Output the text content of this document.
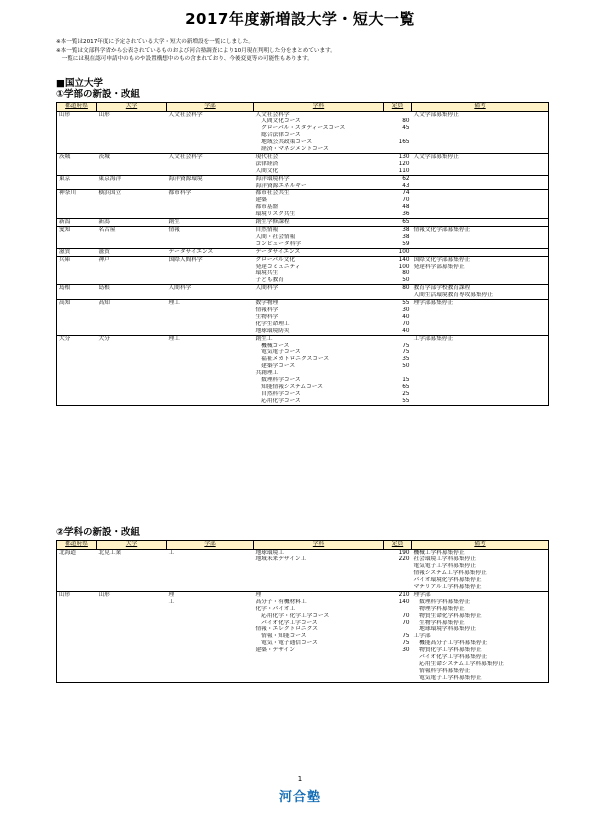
2017年度新増設大学・短大一覧
※本一覧は2017年度に予定されている大学・短大の新増設を一覧にしました。
※本一覧は文部科学省から公表されているものおよび河合塾調査により10月現在判明した分をまとめています。
　一覧には現在認可申請中のものや設置構想中のもの含まれており、今後変更等の可能性もあります。
■国立大学
①学部の新設・改組
都道府県	大学	学部	学科	定員	備考
山形	山形	人文社会科学	人文社会科学		人文学部募集停止
			　人間文化コース	80	
			　グローバル・スタディーズコース	45	
			　総合法律コース		
			　地域公共政策コース	165	
			　経済・マネジメントコース		
茨城	茨城	人文社会科学	現代社会	130	人文学部募集停止
			法律経済	120	
			人間文化	110	
東京	東京海洋	海洋資源環境	海洋環境科学	62	
			海洋資源エネルギー	43	
神奈川	横浜国立	都市科学	都市社会共生	74	
			建築	70	
			都市基盤	48	
			環境リスク共生	36	
新潟	新潟	創生	創生学修課程	65	
愛知	名古屋	情報	自然情報	38	情報文化学部募集停止
			人間・社会情報	38	
			コンピュータ科学	59	
滋賀	滋賀	データサイエンス	データサイエンス	100	
兵庫	神戸	国際人間科学	グローバル文化	140	国際文化学部募集停止
			発達コミュニティ	100	発達科学部募集停止
			環境共生	80	
			子ども教育	50	
島根	島根	人間科学	人間科学	80	教育学部学校教育課程
					人間生活環境教育専攻募集停止
高知	高知	理工	数学物理	55	理学部募集停止
			情報科学	30	
			生物科学	40	
			化学生命理工	70	
			地球環境防災	40	
大分	大分	理工	創生工		工学部募集停止
			　機械コース	75	
			　電気電子コース	75	
			　福祉メカトロニクスコース	35	
			　建築学コース	50	
			共創理工		
			　数理科学コース	15	
			　知能情報システムコース	65	
			　自然科学コース	25	
			　応用化学コース	55	
②学科の新設・改組
都道府県	大学	学部	学科	定員	備考
北海道	北見工業	工	地球環境工	190	機械工学科募集停止
			地域未来デザイン工	220	社会環境工学科募集停止
					電気電子工学科募集停止
					情報システム工学科募集停止
					バイオ環境化学科募集停止
					マテリアル工学科募集停止
山形	山形	理	理	210	理学部
		工	高分子・有機材料工	140	　数理科学科募集停止
			化学・バイオ工		　物理学科募集停止
			　応用化学・化学工学コース	70	　物質生命化学科募集停止
			　バイオ化学工学コース	70	　生物学科募集停止
			情報・エレクトロニクス		　地球環境学科募集停止
			　情報・知能コース	75	工学部
			　電気・電子通信コース	75	　機能高分子工学科募集停止
			建築・デザイン	30	　物質化学工学科募集停止
					　バイオ化学工学科募集停止
					　応用生命システム工学科募集停止
					　情報科学科募集停止
					　電気電子工学科募集停止
1
河合塾
